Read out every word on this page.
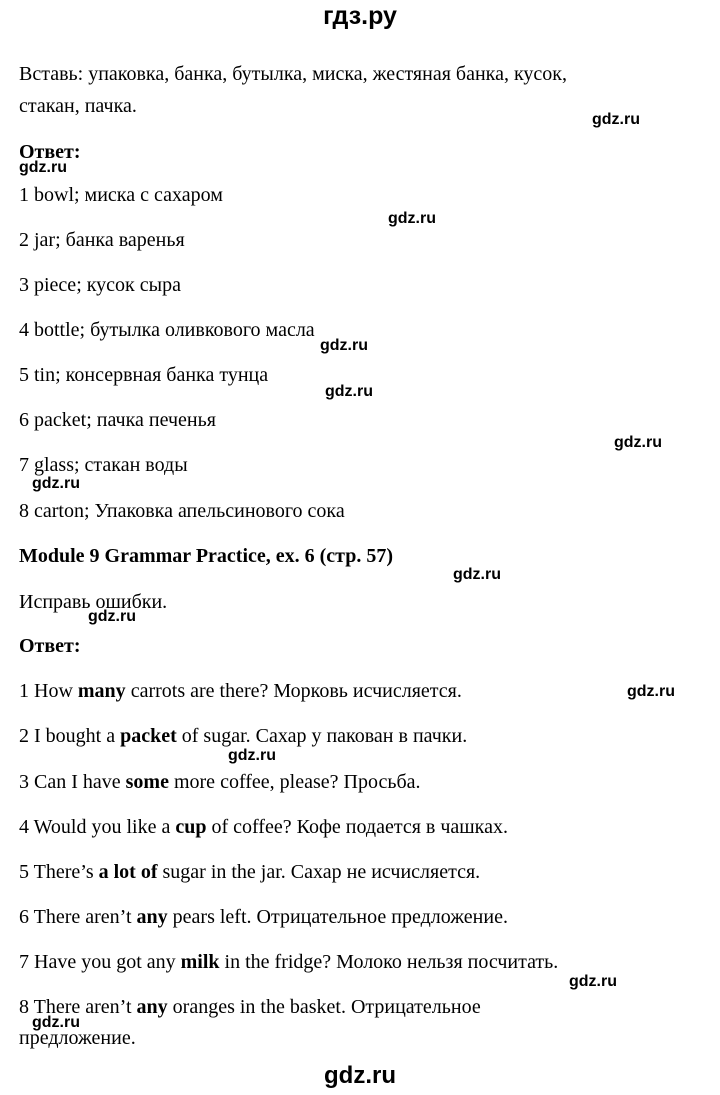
гдз.ру
Вставь: упаковка, банка, бутылка, миска, жестяная банка, кусок,
стакан, пачка.
Ответ:
1 bowl; миска с сахаром
2 jar; банка варенья
3 piece; кусок сыра
4 bottle; бутылка оливкового масла
5 tin; консервная банка тунца
6 packet; пачка печенья
7 glass; стакан воды
8 carton; Упаковка апельсинового сока
Module 9 Grammar Practice, ex. 6 (стр. 57)
Исправь ошибки.
Ответ:
1 How many carrots are there? Морковь исчисляется.
2 I bought a packet of sugar. Сахар у пакован в пачки.
3 Can I have some more coffee, please? Просьба.
4 Would you like a cup of coffee? Кофе подается в чашках.
5 There’s a lot of sugar in the jar. Сахар не исчисляется.
6 There aren’t any pears left. Отрицательное предложение.
7 Have you got any milk in the fridge? Молоко нельзя посчитать.
8 There aren’t any oranges in the basket. Отрицательное
предложение.
gdz.ru
gdz.ru
gdz.ru
gdz.ru
gdz.ru
gdz.ru
gdz.ru
gdz.ru
gdz.ru
gdz.ru
gdz.ru
gdz.ru
gdz.ru
gdz.ru
